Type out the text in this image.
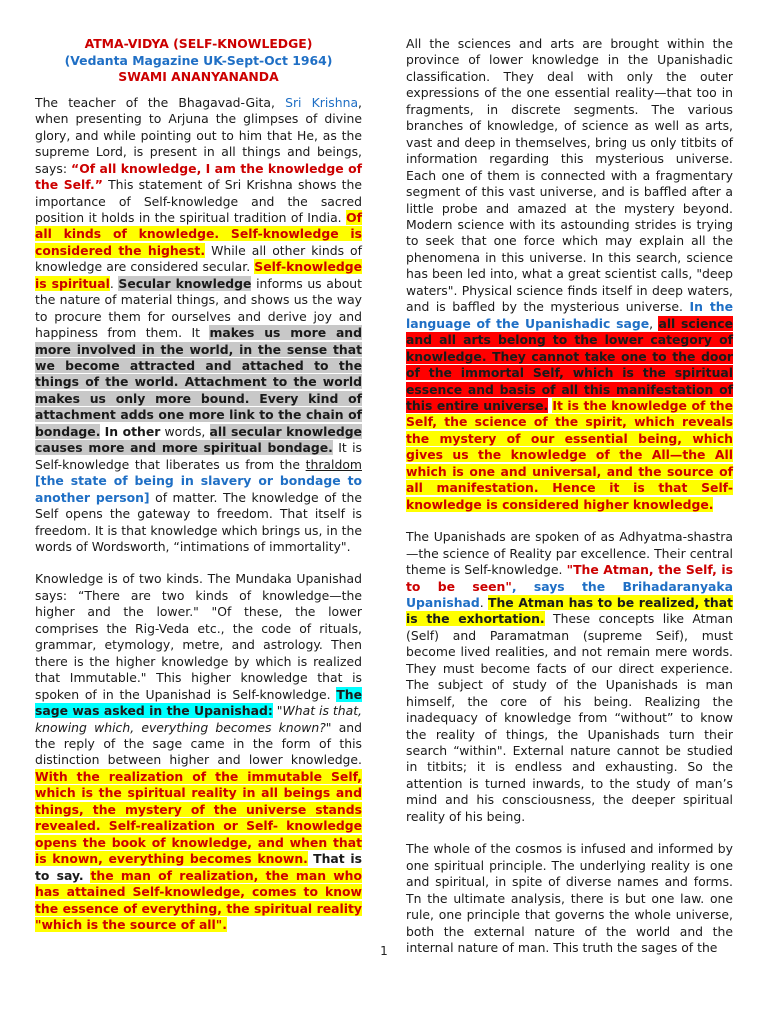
ATMA-VIDYA (SELF-KNOWLEDGE)
(Vedanta Magazine UK-Sept-Oct 1964)
SWAMI ANANYANANDA

The teacher of the Bhagavad-Gita, Sri Krishna, when presenting to Arjuna the glimpses of divine glory, and while pointing out to him that He, as the supreme Lord, is present in all things and beings, says: “Of all knowledge, I am the knowledge of the Self.” This statement of Sri Krishna shows the importance of Self-knowledge and the sacred position it holds in the spiritual tradition of India. Of all kinds of knowledge. Self-knowledge is considered the highest. While all other kinds of knowledge are considered secular. Self-knowledge is spiritual. Secular knowledge informs us about the nature of material things, and shows us the way to procure them for ourselves and derive joy and happiness from them. It makes us more and more involved in the world, in the sense that we become attracted and attached to the things of the world. Attachment to the world makes us only more bound. Every kind of attachment adds one more link to the chain of bondage. In other words, all secular knowledge causes more and more spiritual bondage. It is Self-knowledge that liberates us from the thraldom [the state of being in slavery or bondage to another person] of matter. The knowledge of the Self opens the gateway to freedom. That itself is freedom. It is that knowledge which brings us, in the words of Wordsworth, “intimations of immortality".

Knowledge is of two kinds. The Mundaka Upanishad says: “There are two kinds of knowledge—the higher and the lower." "Of these, the lower comprises the Rig-Veda etc., the code of rituals, grammar, etymology, metre, and astrology. Then there is the higher knowledge by which is realized that Immutable." This higher knowledge that is spoken of in the Upanishad is Self-knowledge. The sage was asked in the Upanishad: "What is that, knowing which, everything becomes known?" and the reply of the sage came in the form of this distinction between higher and lower knowledge. With the realization of the immutable Self, which is the spiritual reality in all beings and things, the mystery of the universe stands revealed. Self-realization or Self- knowledge opens the book of knowledge, and when that is known, everything becomes known. That is to say. the man of realization, the man who has attained Self-knowledge, comes to know the essence of everything, the spiritual reality "which is the source of all".

All the sciences and arts are brought within the province of lower knowledge in the Upanishadic classification. They deal with only the outer expressions of the one essential reality—that too in fragments, in discrete segments. The various branches of knowledge, of science as well as arts, vast and deep in themselves, bring us only titbits of information regarding this mysterious universe. Each one of them is connected with a fragmentary segment of this vast universe, and is baffled after a little probe and amazed at the mystery beyond. Modern science with its astounding strides is trying to seek that one force which may explain all the phenomena in this universe. In this search, science has been led into, what a great scientist calls, "deep waters". Physical science finds itself in deep waters, and is baffled by the mysterious universe. In the language of the Upanishadic sage, all science and all arts belong to the lower category of knowledge. They cannot take one to the door of the immortal Self, which is the spiritual essence and basis of all this manifestation of this entire universe. It is the knowledge of the Self, the science of the spirit, which reveals the mystery of our essential being, which gives us the knowledge of the All—the All which is one and universal, and the source of all manifestation. Hence it is that Self-knowledge is considered higher knowledge.

The Upanishads are spoken of as Adhyatma-shastra—the science of Reality par excellence. Their central theme is Self-knowledge. "The Atman, the Self, is to be seen", says the Brihadaranyaka Upanishad. The Atman has to be realized, that is the exhortation. These concepts like Atman (Self) and Paramatman (supreme Seif), must become lived realities, and not remain mere words. They must become facts of our direct experience. The subject of study of the Upanishads is man himself, the core of his being. Realizing the inadequacy of knowledge from “without” to know the reality of things, the Upanishads turn their search “within". External nature cannot be studied in titbits; it is endless and exhausting. So the attention is turned inwards, to the study of man’s mind and his consciousness, the deeper spiritual reality of his being.

The whole of the cosmos is infused and informed by one spiritual principle. The underlying reality is one and spiritual, in spite of diverse names and forms. Tn the ultimate analysis, there is but one law. one rule, one principle that governs the whole universe, both the external nature of the world and the internal nature of man. This truth the sages of the

1
